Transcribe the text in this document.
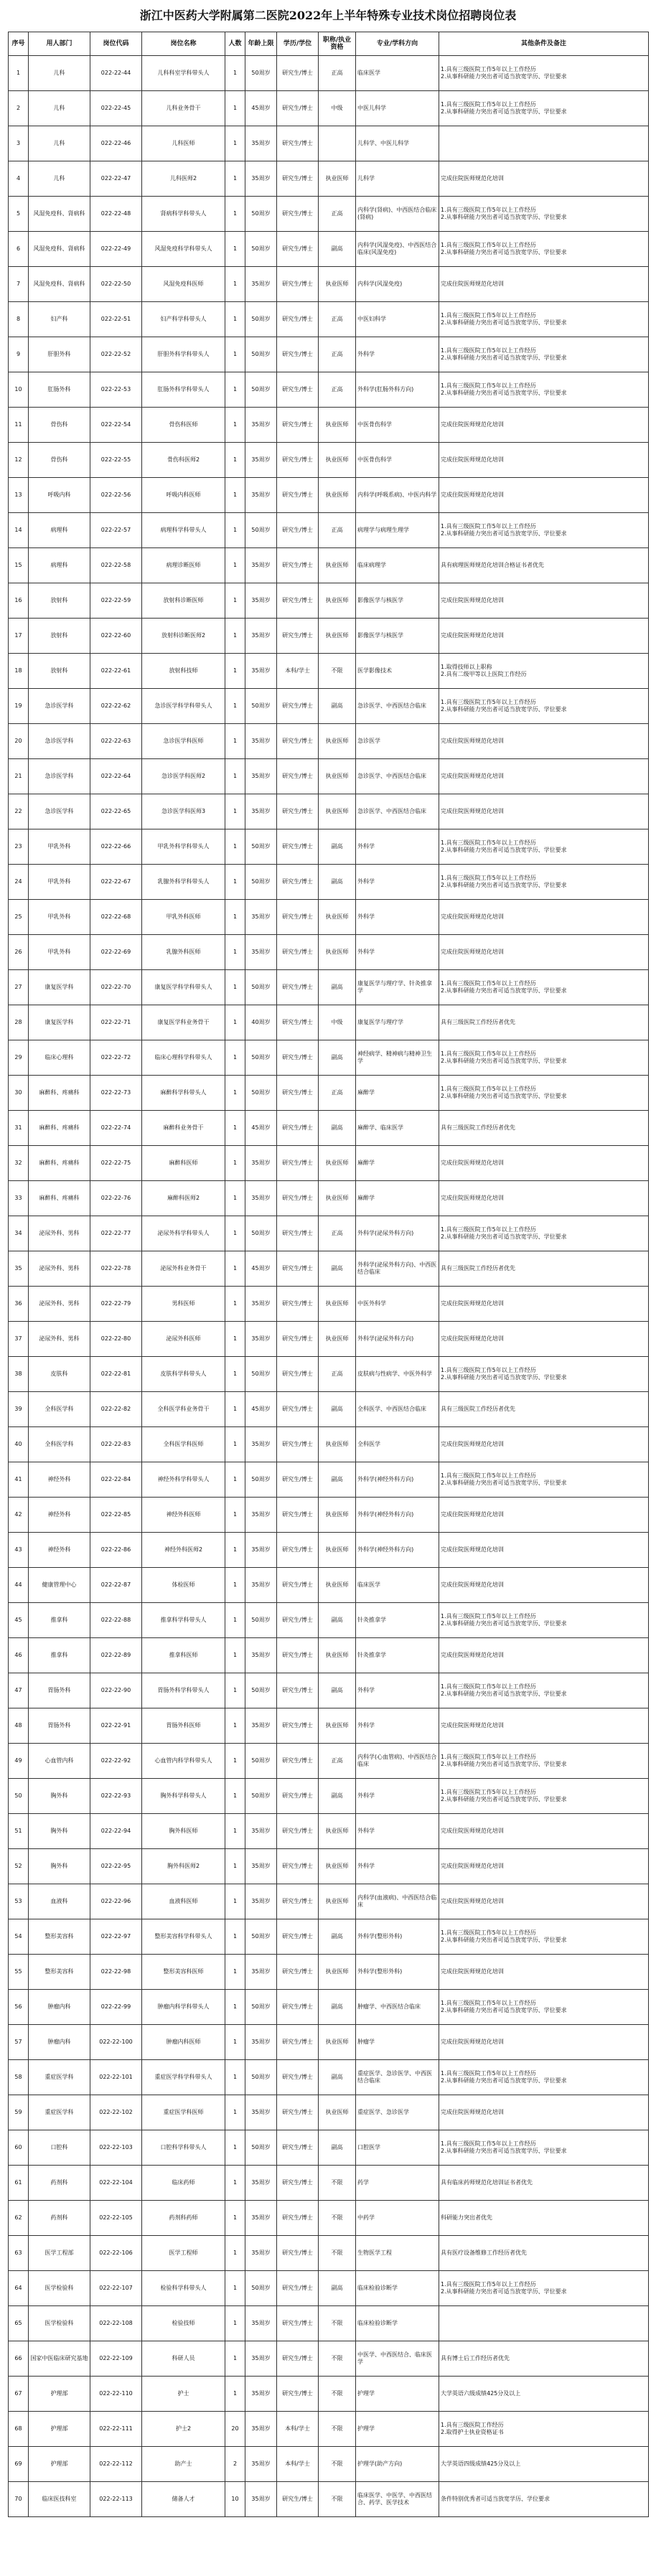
浙江中医药大学附属第二医院2022年上半年特殊专业技术岗位招聘岗位表
序号	用人部门	岗位代码	岗位名称	人数	年龄上限	学历/学位	职称/执业资格	专业/学科方向	其他条件及备注
1	儿科	022-22-44	儿科科室学科带头人	1	50周岁	研究生/博士	正高	临床医学	1.具有三级医院工作5年以上工作经历
2.从事科研能力突出者可适当放宽学历、学位要求
2	儿科	022-22-45	儿科业务骨干	1	45周岁	研究生/博士	中级	中医儿科学	1.具有三级医院工作5年以上工作经历
2.从事科研能力突出者可适当放宽学历、学位要求
3	儿科	022-22-46	儿科医师	1	35周岁	研究生/博士		儿科学、中医儿科学	
4	儿科	022-22-47	儿科医师2	1	35周岁	研究生/博士	执业医师	儿科学	完成住院医师规范化培训
5	风湿免疫科、肾病科	022-22-48	肾病科学科带头人	1	50周岁	研究生/博士	正高	内科学(肾病)、中西医结合临床(肾病)	1.具有三级医院工作5年以上工作经历
2.从事科研能力突出者可适当放宽学历、学位要求
6	风湿免疫科、肾病科	022-22-49	风湿免疫科学科带头人	1	50周岁	研究生/博士	副高	内科学(风湿免疫)、中西医结合临床(风湿免疫)	1.具有三级医院工作5年以上工作经历
2.从事科研能力突出者可适当放宽学历、学位要求
7	风湿免疫科、肾病科	022-22-50	风湿免疫科医师	1	35周岁	研究生/博士	执业医师	内科学(风湿免疫)	完成住院医师规范化培训
8	妇产科	022-22-51	妇产科学科带头人	1	50周岁	研究生/博士	正高	中医妇科学	1.具有三级医院工作5年以上工作经历
2.从事科研能力突出者可适当放宽学历、学位要求
9	肝胆外科	022-22-52	肝胆外科学科带头人	1	50周岁	研究生/博士	正高	外科学	1.具有三级医院工作5年以上工作经历
2.从事科研能力突出者可适当放宽学历、学位要求
10	肛肠外科	022-22-53	肛肠外科学科带头人	1	50周岁	研究生/博士	正高	外科学(肛肠外科方向)	1.具有三级医院工作5年以上工作经历
2.从事科研能力突出者可适当放宽学历、学位要求
11	骨伤科	022-22-54	骨伤科医师	1	35周岁	研究生/博士	执业医师	中医骨伤科学	完成住院医师规范化培训
12	骨伤科	022-22-55	骨伤科医师2	1	35周岁	研究生/博士	执业医师	中医骨伤科学	完成住院医师规范化培训
13	呼吸内科	022-22-56	呼吸内科医师	1	35周岁	研究生/博士	执业医师	内科学(呼吸系病)、中医内科学	完成住院医师规范化培训
14	病理科	022-22-57	病理科学科带头人	1	50周岁	研究生/博士	正高	病理学与病理生理学	1.具有三级医院工作5年以上工作经历
2.从事科研能力突出者可适当放宽学历、学位要求
15	病理科	022-22-58	病理诊断医师	1	35周岁	研究生/博士	执业医师	临床病理学	具有病理医师规范化培训合格证书者优先
16	放射科	022-22-59	放射科诊断医师	1	35周岁	研究生/博士	执业医师	影像医学与核医学	完成住院医师规范化培训
17	放射科	022-22-60	放射科诊断医师2	1	35周岁	研究生/博士	执业医师	影像医学与核医学	完成住院医师规范化培训
18	放射科	022-22-61	放射科技师	1	35周岁	本科/学士	不限	医学影像技术	1.取得技师以上职称
2.具有二级甲等以上医院工作经历
19	急诊医学科	022-22-62	急诊医学科学科带头人	1	50周岁	研究生/博士	副高	急诊医学、中西医结合临床	1.具有三级医院工作5年以上工作经历
2.从事科研能力突出者可适当放宽学历、学位要求
20	急诊医学科	022-22-63	急诊医学科医师	1	35周岁	研究生/博士	执业医师	急诊医学	完成住院医师规范化培训
21	急诊医学科	022-22-64	急诊医学科医师2	1	35周岁	研究生/博士	执业医师	急诊医学、中西医结合临床	完成住院医师规范化培训
22	急诊医学科	022-22-65	急诊医学科医师3	1	35周岁	研究生/博士	执业医师	急诊医学、中西医结合临床	完成住院医师规范化培训
23	甲乳外科	022-22-66	甲乳外科学科带头人	1	50周岁	研究生/博士	副高	外科学	1.具有三级医院工作5年以上工作经历
2.从事科研能力突出者可适当放宽学历、学位要求
24	甲乳外科	022-22-67	乳腺外科学科带头人	1	50周岁	研究生/博士	副高	外科学	1.具有三级医院工作5年以上工作经历
2.从事科研能力突出者可适当放宽学历、学位要求
25	甲乳外科	022-22-68	甲乳外科医师	1	35周岁	研究生/博士	执业医师	外科学	完成住院医师规范化培训
26	甲乳外科	022-22-69	乳腺外科医师	1	35周岁	研究生/博士	执业医师	外科学	完成住院医师规范化培训
27	康复医学科	022-22-70	康复医学科学科带头人	1	50周岁	研究生/博士	副高	康复医学与理疗学、针灸推拿学	1.具有三级医院工作5年以上工作经历
2.从事科研能力突出者可适当放宽学历、学位要求
28	康复医学科	022-22-71	康复医学科业务骨干	1	40周岁	研究生/博士	中级	康复医学与理疗学	具有三级医院工作经历者优先
29	临床心理科	022-22-72	临床心理科学科带头人	1	50周岁	研究生/博士	副高	神经病学、精神病与精神卫生学	1.具有三级医院工作5年以上工作经历
2.从事科研能力突出者可适当放宽学历、学位要求
30	麻醉科、疼痛科	022-22-73	麻醉科学科带头人	1	50周岁	研究生/博士	正高	麻醉学	1.具有三级医院工作5年以上工作经历
2.从事科研能力突出者可适当放宽学历、学位要求
31	麻醉科、疼痛科	022-22-74	麻醉科业务骨干	1	45周岁	研究生/博士	副高	麻醉学、临床医学	具有三级医院工作经历者优先
32	麻醉科、疼痛科	022-22-75	麻醉科医师	1	35周岁	研究生/博士	执业医师	麻醉学	完成住院医师规范化培训
33	麻醉科、疼痛科	022-22-76	麻醉科医师2	1	35周岁	研究生/博士	执业医师	麻醉学	完成住院医师规范化培训
34	泌尿外科、男科	022-22-77	泌尿外科学科带头人	1	50周岁	研究生/博士	正高	外科学(泌尿外科方向)	1.具有三级医院工作5年以上工作经历
2.从事科研能力突出者可适当放宽学历、学位要求
35	泌尿外科、男科	022-22-78	泌尿外科业务骨干	1	45周岁	研究生/博士	副高	外科学(泌尿外科方向)、中西医结合临床	具有三级医院工作经历者优先
36	泌尿外科、男科	022-22-79	男科医师	1	35周岁	研究生/博士	执业医师	中医外科学	完成住院医师规范化培训
37	泌尿外科、男科	022-22-80	泌尿外科医师	1	35周岁	研究生/博士	执业医师	外科学(泌尿外科方向)	完成住院医师规范化培训
38	皮肤科	022-22-81	皮肤科学科带头人	1	50周岁	研究生/博士	正高	皮肤病与性病学、中医外科学	1.具有三级医院工作5年以上工作经历
2.从事科研能力突出者可适当放宽学历、学位要求
39	全科医学科	022-22-82	全科医学科业务骨干	1	45周岁	研究生/博士	副高	全科医学、中西医结合临床	具有三级医院工作经历者优先
40	全科医学科	022-22-83	全科医学科医师	1	35周岁	研究生/博士	执业医师	全科医学	完成住院医师规范化培训
41	神经外科	022-22-84	神经外科学科带头人	1	50周岁	研究生/博士	副高	外科学(神经外科方向)	1.具有三级医院工作5年以上工作经历
2.从事科研能力突出者可适当放宽学历、学位要求
42	神经外科	022-22-85	神经外科医师	1	35周岁	研究生/博士	执业医师	外科学(神经外科方向)	完成住院医师规范化培训
43	神经外科	022-22-86	神经外科医师2	1	35周岁	研究生/博士	执业医师	外科学(神经外科方向)	完成住院医师规范化培训
44	健康管理中心	022-22-87	体检医师	1	35周岁	研究生/博士	执业医师	临床医学	完成住院医师规范化培训
45	推拿科	022-22-88	推拿科学科带头人	1	50周岁	研究生/博士	副高	针灸推拿学	1.具有三级医院工作5年以上工作经历
2.从事科研能力突出者可适当放宽学历、学位要求
46	推拿科	022-22-89	推拿科医师	1	35周岁	研究生/博士	执业医师	针灸推拿学	完成住院医师规范化培训
47	胃肠外科	022-22-90	胃肠外科学科带头人	1	50周岁	研究生/博士	副高	外科学	1.具有三级医院工作5年以上工作经历
2.从事科研能力突出者可适当放宽学历、学位要求
48	胃肠外科	022-22-91	胃肠外科医师	1	35周岁	研究生/博士	执业医师	外科学	完成住院医师规范化培训
49	心血管内科	022-22-92	心血管内科学科带头人	1	50周岁	研究生/博士	正高	内科学(心血管病)、中西医结合临床	1.具有三级医院工作5年以上工作经历
2.从事科研能力突出者可适当放宽学历、学位要求
50	胸外科	022-22-93	胸外科学科带头人	1	50周岁	研究生/博士	副高	外科学	1.具有三级医院工作5年以上工作经历
2.从事科研能力突出者可适当放宽学历、学位要求
51	胸外科	022-22-94	胸外科医师	1	35周岁	研究生/博士	执业医师	外科学	完成住院医师规范化培训
52	胸外科	022-22-95	胸外科医师2	1	35周岁	研究生/博士	执业医师	外科学	完成住院医师规范化培训
53	血液科	022-22-96	血液科医师	1	35周岁	研究生/博士	执业医师	内科学(血液病)、中西医结合临床	完成住院医师规范化培训
54	整形美容科	022-22-97	整形美容科学科带头人	1	50周岁	研究生/博士	副高	外科学(整形外科)	1.具有三级医院工作5年以上工作经历
2.从事科研能力突出者可适当放宽学历、学位要求
55	整形美容科	022-22-98	整形美容科医师	1	35周岁	研究生/博士	执业医师	外科学(整形外科)	完成住院医师规范化培训
56	肿瘤内科	022-22-99	肿瘤内科学科带头人	1	50周岁	研究生/博士	副高	肿瘤学、中西医结合临床	1.具有三级医院工作5年以上工作经历
2.从事科研能力突出者可适当放宽学历、学位要求
57	肿瘤内科	022-22-100	肿瘤内科医师	1	35周岁	研究生/博士	执业医师	肿瘤学	完成住院医师规范化培训
58	重症医学科	022-22-101	重症医学科学科带头人	1	50周岁	研究生/博士	副高	重症医学、急诊医学、中西医结合临床	1.具有三级医院工作5年以上工作经历
2.从事科研能力突出者可适当放宽学历、学位要求
59	重症医学科	022-22-102	重症医学科医师	1	35周岁	研究生/博士	执业医师	重症医学、急诊医学	完成住院医师规范化培训
60	口腔科	022-22-103	口腔科学科带头人	1	50周岁	研究生/博士	副高	口腔医学	1.具有三级医院工作5年以上工作经历
2.从事科研能力突出者可适当放宽学历、学位要求
61	药剂科	022-22-104	临床药师	1	35周岁	研究生/博士	不限	药学	具有临床药师规范化培训证书者优先
62	药剂科	022-22-105	药剂科药师	1	35周岁	研究生/博士	不限	中药学	科研能力突出者优先
63	医学工程部	022-22-106	医学工程师	1	35周岁	研究生/博士	不限	生物医学工程	具有医疗设备维修工作经历者优先
64	医学检验科	022-22-107	检验科学科带头人	1	50周岁	研究生/博士	副高	临床检验诊断学	1.具有三级医院工作5年以上工作经历
2.从事科研能力突出者可适当放宽学历、学位要求
65	医学检验科	022-22-108	检验技师	1	35周岁	研究生/博士	不限	临床检验诊断学	
66	国家中医临床研究基地	022-22-109	科研人员	1	35周岁	研究生/博士	不限	中医学、中西医结合、临床医学	具有博士后工作经历者优先
67	护理部	022-22-110	护士	1	35周岁	研究生/博士	不限	护理学	大学英语六级成绩425分及以上
68	护理部	022-22-111	护士2	20	35周岁	本科/学士	不限	护理学	1.具有三级医院工作经历
2.取得护士执业资格证书
69	护理部	022-22-112	助产士	2	35周岁	本科/学士	不限	护理学(助产方向)	大学英语四级成绩425分及以上
70	临床医技科室	022-22-113	储备人才	10	35周岁	研究生/博士	不限	临床医学、中医学、中西医结合、药学、医学技术	条件特别优秀者可适当放宽学历、学位要求
